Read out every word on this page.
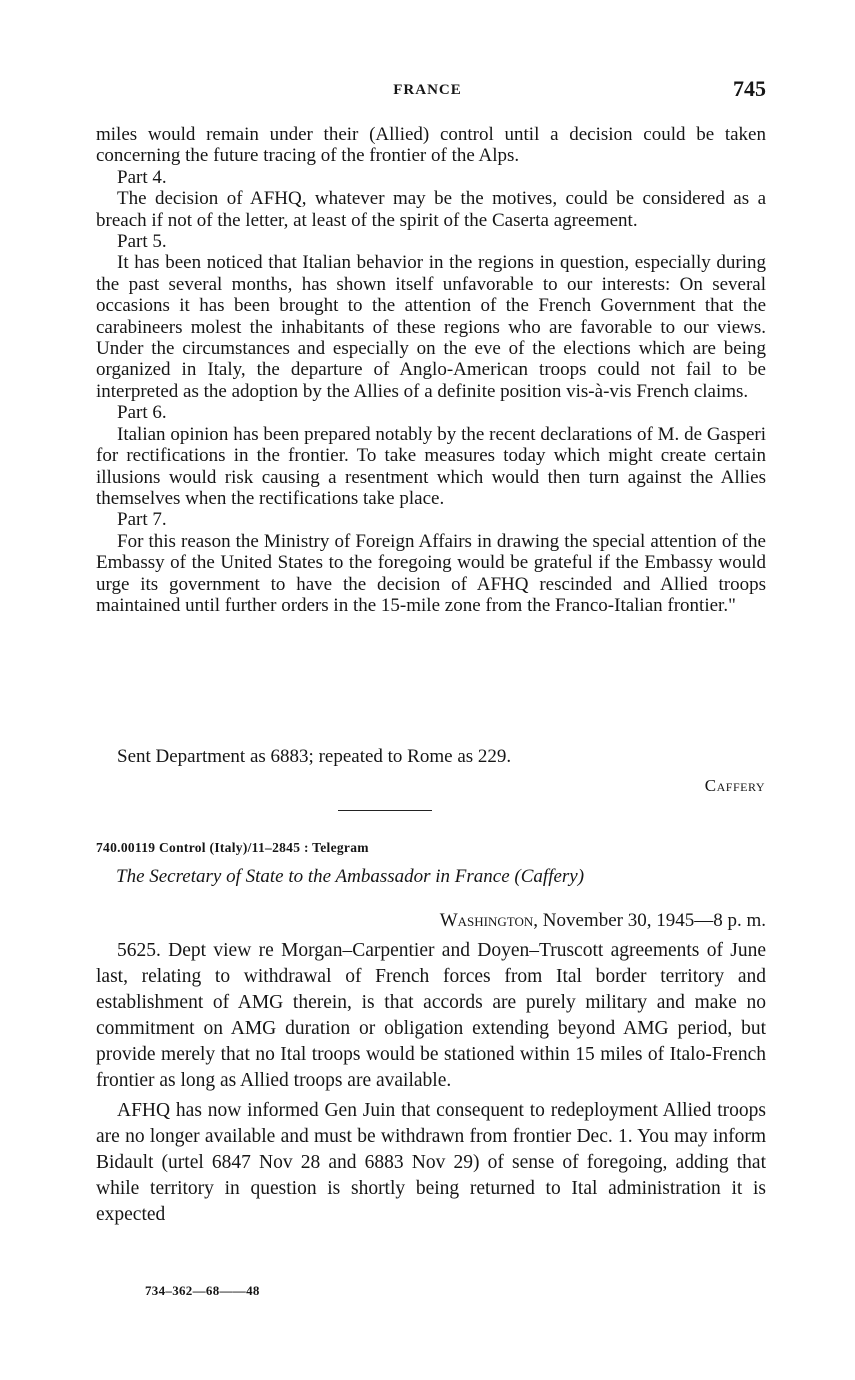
FRANCE	745

miles would remain under their (Allied) control until a decision could be taken concerning the future tracing of the frontier of the Alps.

Part 4.

The decision of AFHQ, whatever may be the motives, could be considered as a breach if not of the letter, at least of the spirit of the Caserta agreement.

Part 5.

It has been noticed that Italian behavior in the regions in question, especially during the past several months, has shown itself unfavorable to our interests: On several occasions it has been brought to the attention of the French Government that the carabineers molest the inhabitants of these regions who are favorable to our views. Under the circumstances and especially on the eve of the elections which are being organized in Italy, the departure of Anglo-American troops could not fail to be interpreted as the adoption by the Allies of a definite position vis-à-vis French claims.

Part 6.

Italian opinion has been prepared notably by the recent declarations of M. de Gasperi for rectifications in the frontier. To take measures today which might create certain illusions would risk causing a resentment which would then turn against the Allies themselves when the rectifications take place.

Part 7.

For this reason the Ministry of Foreign Affairs in drawing the special attention of the Embassy of the United States to the foregoing would be grateful if the Embassy would urge its government to have the decision of AFHQ rescinded and Allied troops maintained until further orders in the 15-mile zone from the Franco-Italian frontier."

Sent Department as 6883; repeated to Rome as 229.

Caffery
740.00119 Control (Italy)/11–2845 : Telegram
The Secretary of State to the Ambassador in France (Caffery)
Washington, November 30, 1945—8 p. m.

5625. Dept view re Morgan–Carpentier and Doyen–Truscott agreements of June last, relating to withdrawal of French forces from Ital border territory and establishment of AMG therein, is that accords are purely military and make no commitment on AMG duration or obligation extending beyond AMG period, but provide merely that no Ital troops would be stationed within 15 miles of Italo-French frontier as long as Allied troops are available.

AFHQ has now informed Gen Juin that consequent to redeployment Allied troops are no longer available and must be withdrawn from frontier Dec. 1. You may inform Bidault (urtel 6847 Nov 28 and 6883 Nov 29) of sense of foregoing, adding that while territory in question is shortly being returned to Ital administration it is expected

734–362—68——48
